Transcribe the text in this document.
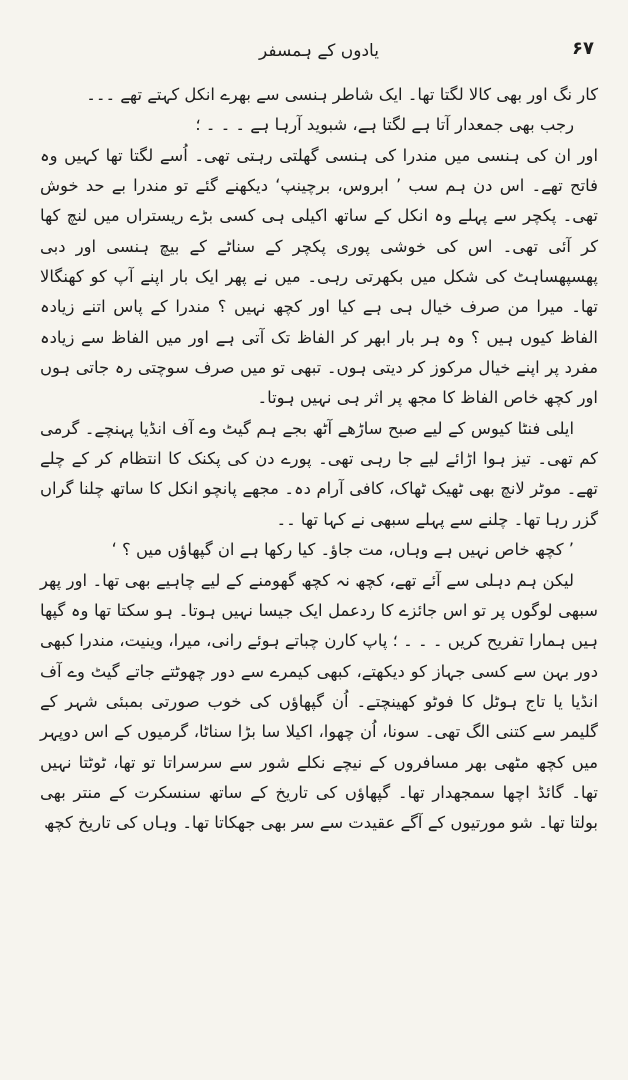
یادوں کے ہمسفر	۶۷

کار نگ اور بھی کالا لگتا تھا۔ ایک شاطر ہنسی سے بھرے انکل کہتے تھے ۔۔۔

رجب بھی جمعدار آتا ہے لگتا ہے، شبوید آرہا ہے ۔ ۔ ۔ ؛

اور ان کی ہنسی میں مندرا کی ہنسی گھلتی رہتی تھی۔ اُسے لگتا تھا کہیں وہ فاتح تھے۔ اس دن ہم سب ’ ابروس، برچینپ‘ دیکھنے گئے تو مندرا بے حد خوش تھی۔ پکچر سے پہلے وہ انکل کے ساتھ اکیلی ہی کسی بڑے ریستراں میں لنچ کھا کر آئی تھی۔ اس کی خوشی پوری پکچر کے سناٹے کے بیچ ہنسی اور دبی پھسپھساہٹ کی شکل میں بکھرتی رہی۔ میں نے پھر ایک بار اپنے آپ کو کھنگالا تھا۔ میرا من صرف خیال ہی ہے کیا اور کچھ نہیں ؟ مندرا کے پاس اتنے زیادہ الفاظ کیوں ہیں ؟ وہ ہر بار ابھر کر الفاظ تک آتی ہے اور میں الفاظ سے زیادہ مفرد پر اپنے خیال مرکوز کر دیتی ہوں۔ تبھی تو میں صرف سوچتی رہ جاتی ہوں اور کچھ خاص الفاظ کا مجھ پر اثر ہی نہیں ہوتا۔

ایلی فنٹا کیوس کے لیے صبح ساڑھے آٹھ بجے ہم گیٹ وے آف انڈیا پہنچے۔ گرمی کم تھی۔ تیز ہوا اڑائے لیے جا رہی تھی۔ پورے دن کی پکنک کا انتظام کر کے چلے تھے۔ موٹر لانچ بھی ٹھیک ٹھاک، کافی آرام دہ۔ مجھے پانچو انکل کا ساتھ چلنا گراں گزر رہا تھا۔ چلنے سے پہلے سبھی نے کہا تھا ۔۔

’ کچھ خاص نہیں ہے وہاں، مت جاؤ۔ کیا رکھا ہے ان گپھاؤں میں ؟ ‘

لیکن ہم دہلی سے آئے تھے، کچھ نہ کچھ گھومنے کے لیے چاہیے بھی تھا۔ اور پھر سبھی لوگوں پر تو اس جائزے کا ردعمل ایک جیسا نہیں ہوتا۔ ہو سکتا تھا وہ گپھا ہیں ہمارا تفریح کریں ۔ ۔ ۔ ؛ پاپ کارن چباتے ہوئے رانی، میرا، وینیت، مندرا کبھی دور بہن سے کسی جہاز کو دیکھتے، کبھی کیمرے سے دور چھوٹتے جاتے گیٹ وے آف انڈیا یا تاج ہوٹل کا فوٹو کھینچتے۔ اُن گپھاؤں کی خوب صورتی بمبئی شہر کے گلیمر سے کتنی الگ تھی۔ سونا، اُن چھوا، اکیلا سا بڑا سناٹا، گرمیوں کے اس دوپہر میں کچھ مٹھی بھر مسافروں کے نیچے نکلے شور سے سرسراتا تو تھا، ٹوٹتا نہیں تھا۔ گائڈ اچھا سمجھدار تھا۔ گپھاؤں کی تاریخ کے ساتھ سنسکرت کے منتر بھی بولتا تھا۔ شو مورتیوں کے آگے عقیدت سے سر بھی جھکاتا تھا۔ وہاں کی تاریخ کچھ
